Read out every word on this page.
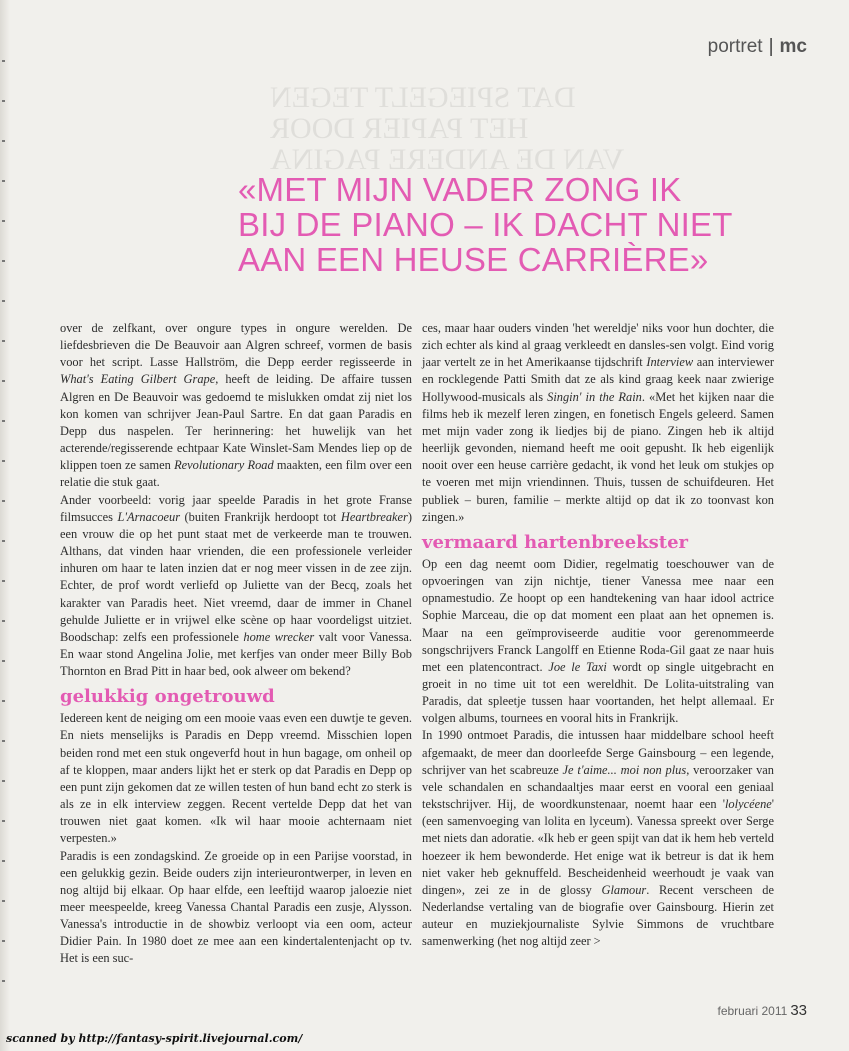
portret | mc
DAT SPIEGELT TEGEN
HET PAPIER DOOR
VAN DE ANDERE PAGINA
«MET MIJN VADER ZONG IK
BIJ DE PIANO – IK DACHT NIET
AAN EEN HEUSE CARRIÈRE»

over de zelfkant, over ongure types in ongure werelden. De liefdesbrieven die De Beauvoir aan Algren schreef, vormen de basis voor het script. Lasse Hallström, die Depp eerder regisseerde in What's Eating Gilbert Grape, heeft de leiding. De affaire tussen Algren en De Beauvoir was gedoemd te mislukken omdat zij niet los kon komen van schrijver Jean-Paul Sartre. En dat gaan Paradis en Depp dus naspelen. Ter herinnering: het huwelijk van het acterende/regisserende echtpaar Kate Winslet-Sam Mendes liep op de klippen toen ze samen Revolutionary Road maakten, een film over een relatie die stuk gaat.

Ander voorbeeld: vorig jaar speelde Paradis in het grote Franse filmsucces L'Arnacoeur (buiten Frankrijk herdoopt tot Heartbreaker) een vrouw die op het punt staat met de verkeerde man te trouwen. Althans, dat vinden haar vrienden, die een professionele verleider inhuren om haar te laten inzien dat er nog meer vissen in de zee zijn. Echter, de prof wordt verliefd op Juliette van der Becq, zoals het karakter van Paradis heet. Niet vreemd, daar de immer in Chanel gehulde Juliette er in vrijwel elke scène op haar voordeligst uitziet. Boodschap: zelfs een professionele home wrecker valt voor Vanessa. En waar stond Angelina Jolie, met kerfjes van onder meer Billy Bob Thornton en Brad Pitt in haar bed, ook alweer om bekend?

gelukkig ongetrouwd

Iedereen kent de neiging om een mooie vaas even een duwtje te geven. En niets menselijks is Paradis en Depp vreemd. Misschien lopen beiden rond met een stuk ongeverfd hout in hun bagage, om onheil op af te kloppen, maar anders lijkt het er sterk op dat Paradis en Depp op een punt zijn gekomen dat ze willen testen of hun band echt zo sterk is als ze in elk interview zeggen. Recent vertelde Depp dat het van trouwen niet gaat komen. «Ik wil haar mooie achternaam niet verpesten.»

Paradis is een zondagskind. Ze groeide op in een Parijse voorstad, in een gelukkig gezin. Beide ouders zijn interieurontwerper, in leven en nog altijd bij elkaar. Op haar elfde, een leeftijd waarop jaloezie niet meer meespeelde, kreeg Vanessa Chantal Paradis een zusje, Alysson. Vanessa's introductie in de showbiz verloopt via een oom, acteur Didier Pain. In 1980 doet ze mee aan een kindertalentenjacht op tv. Het is een suc-

ces, maar haar ouders vinden 'het wereldje' niks voor hun dochter, die zich echter als kind al graag verkleedt en dansles-sen volgt. Eind vorig jaar vertelt ze in het Amerikaanse tijdschrift Interview aan interviewer en rocklegende Patti Smith dat ze als kind graag keek naar zwierige Hollywood-musicals als Singin' in the Rain. «Met het kijken naar die films heb ik mezelf leren zingen, en fonetisch Engels geleerd. Samen met mijn vader zong ik liedjes bij de piano. Zingen heb ik altijd heerlijk gevonden, niemand heeft me ooit gepusht. Ik heb eigenlijk nooit over een heuse carrière gedacht, ik vond het leuk om stukjes op te voeren met mijn vriendinnen. Thuis, tussen de schuifdeuren. Het publiek – buren, familie – merkte altijd op dat ik zo toonvast kon zingen.»

vermaard hartenbreekster

Op een dag neemt oom Didier, regelmatig toeschouwer van de opvoeringen van zijn nichtje, tiener Vanessa mee naar een opnamestudio. Ze hoopt op een handtekening van haar idool actrice Sophie Marceau, die op dat moment een plaat aan het opnemen is. Maar na een geïmproviseerde auditie voor gerenommeerde songschrijvers Franck Langolff en Etienne Roda-Gil gaat ze naar huis met een platencontract. Joe le Taxi wordt op single uitgebracht en groeit in no time uit tot een wereldhit. De Lolita-uitstraling van Paradis, dat spleetje tussen haar voortanden, het helpt allemaal. Er volgen albums, tournees en vooral hits in Frankrijk.

In 1990 ontmoet Paradis, die intussen haar middelbare school heeft afgemaakt, de meer dan doorleefde Serge Gainsbourg – een legende, schrijver van het scabreuze Je t'aime... moi non plus, veroorzaker van vele schandalen en schandaaltjes maar eerst en vooral een geniaal tekstschrijver. Hij, de woordkunstenaar, noemt haar een 'lolycéene' (een samenvoeging van lolita en lyceum). Vanessa spreekt over Serge met niets dan adoratie. «Ik heb er geen spijt van dat ik hem heb verteld hoezeer ik hem bewonderde. Het enige wat ik betreur is dat ik hem niet vaker heb geknuffeld. Bescheidenheid weerhoudt je vaak van dingen», zei ze in de glossy Glamour. Recent verscheen de Nederlandse vertaling van de biografie over Gainsbourg. Hierin zet auteur en muziekjournaliste Sylvie Simmons de vruchtbare samenwerking (het nog altijd zeer >

februari 2011 33
scanned by http://fantasy-spirit.livejournal.com/
